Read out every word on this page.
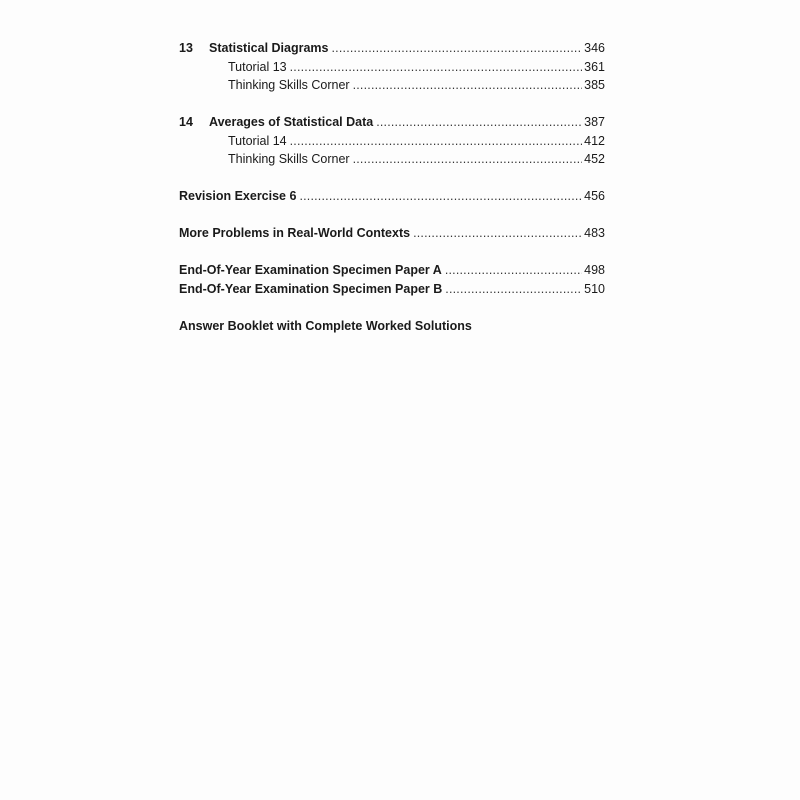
13	Statistical Diagrams .....	346
Tutorial 13 .....	361
Thinking Skills Corner .....	385
14	Averages of Statistical Data .....	387
Tutorial 14 .....	412
Thinking Skills Corner .....	452
Revision Exercise 6 .....	456
More Problems in Real-World Contexts .....	483
End-Of-Year Examination Specimen Paper A .....	498
End-Of-Year Examination Specimen Paper B .....	510
Answer Booklet with Complete Worked Solutions
